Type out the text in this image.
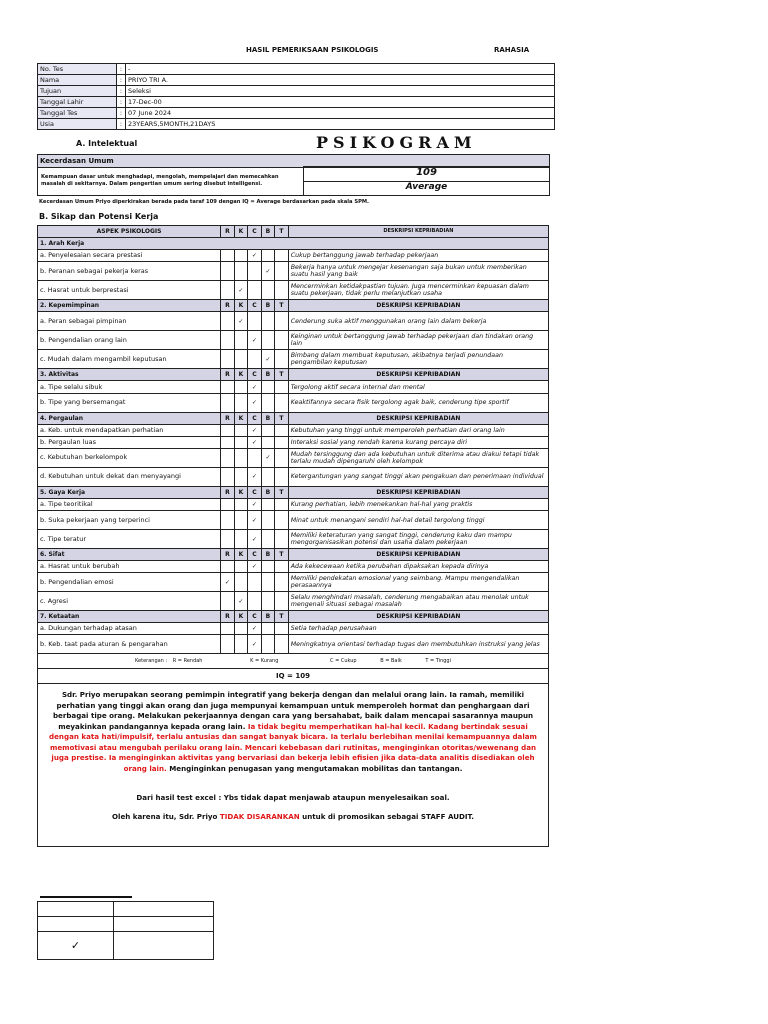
HASIL PEMERIKSAAN PSIKOLOGIS	RAHASIA
No. Tes	:	-
Nama	:	PRIYO TRI A.
Tujuan	:	Seleksi
Tanggal Lahir	:	17-Dec-00
Tanggal Tes	:	07 June 2024
Usia	:	23YEARS,5MONTH,21DAYS
A. Intelektual	PSIKOGRAM
Kecerdasan Umum
Kemampuan dasar untuk menghadapi, mengolah, mempelajari dan memecahkan masalah di sekitarnya. Dalam pengertian umum sering disebut intelligensi.
109
Average
Kecerdasan Umum Priyo diperkirakan berada pada taraf 109 dengan IQ = Average berdasarkan pada skala SPM.
B. Sikap dan Potensi Kerja
ASPEK PSIKOLOGIS	R	K	C	B	T	DESKRIPSI KEPRIBADIAN
1. Arah Kerja						
a. Penyelesaian secara prestasi			✓			Cukup bertanggung jawab terhadap pekerjaan
b. Peranan sebagai pekerja keras				✓		Bekerja hanya untuk mengejar kesenangan saja bukan untuk memberikan suatu hasil yang baik
c. Hasrat untuk berprestasi		✓				Mencerminkan ketidakpastian tujuan. Juga mencerminkan kepuasan dalam suatu pekerjaan, tidak perlu melanjutkan usaha
2. Kepemimpinan	R	K	C	B	T	DESKRIPSI KEPRIBADIAN
a. Peran sebagai pimpinan		✓				Cenderung suka aktif menggunakan orang lain dalam bekerja
b. Pengendalian orang lain			✓			Keinginan untuk bertanggung jawab terhadap pekerjaan dan tindakan orang lain
c. Mudah dalam mengambil keputusan				✓		Bimbang dalam membuat keputusan, akibatnya terjadi penundaan pengambilan keputusan
3. Aktivitas	R	K	C	B	T	DESKRIPSI KEPRIBADIAN
a. Tipe selalu sibuk			✓			Tergolong aktif secara internal dan mental
b. Tipe yang bersemangat			✓			Keaktifannya secara fisik tergolong agak baik, cenderung tipe sportif
4. Pergaulan	R	K	C	B	T	DESKRIPSI KEPRIBADIAN
a. Keb. untuk mendapatkan perhatian			✓			Kebutuhan yang tinggi untuk memperoleh perhatian dari orang lain
b. Pergaulan luas			✓			Interaksi sosial yang rendah karena kurang percaya diri
c. Kebutuhan berkelompok				✓		Mudah tersinggung dan ada kebutuhan untuk diterima atau diakui tetapi tidak terlalu mudah dipengaruhi oleh kelompok
d. Kebutuhan untuk dekat dan menyayangi			✓			Ketergantungan yang sangat tinggi akan pengakuan dan penerimaan individual
5. Gaya Kerja	R	K	C	B	T	DESKRIPSI KEPRIBADIAN
a. Tipe teoritikal			✓			Kurang perhatian, lebih menekankan hal-hal yang praktis
b. Suka pekerjaan yang terperinci			✓			Minat untuk menangani sendiri hal-hal detail tergolong tinggi
c. Tipe teratur			✓			Memiliki keteraturan yang sangat tinggi, cenderung kaku dan mampu mengorganisasikan potensi dan usaha dalam pekerjaan
6. Sifat	R	K	C	B	T	DESKRIPSI KEPRIBADIAN
a. Hasrat untuk berubah			✓			Ada kekecewaan ketika perubahan dipaksakan kepada dirinya
b. Pengendalian emosi	✓					Memiliki pendekatan emosional yang seimbang. Mampu mengendalikan perasaannya
c. Agresi		✓				Selalu menghindari masalah, cenderung mengabaikan atau menolak untuk mengenali situasi sebagai masalah
7. Ketaatan	R	K	C	B	T	DESKRIPSI KEPRIBADIAN
a. Dukungan terhadap atasan			✓			Setia terhadap perusahaan
b. Keb. taat pada aturan & pengarahan			✓			Meningkatnya orientasi terhadap tugas dan membutuhkan instruksi yang jelas
Keterangan : R = Rendah K = Kurang C = Cukup B = Baik T = Tinggi						
IQ = 109						

Sdr. Priyo merupakan seorang pemimpin integratif yang bekerja dengan dan melalui orang lain. Ia ramah, memiliki perhatian yang tinggi akan orang dan juga mempunyai kemampuan untuk memperoleh hormat dan penghargaan dari berbagai tipe orang. Melakukan pekerjaannya dengan cara yang bersahabat, baik dalam mencapai sasarannya maupun meyakinkan pandangannya kepada orang lain. Ia tidak begitu memperhatikan hal-hal kecil. Kadang bertindak sesuai dengan kata hati/impulsif, terlalu antusias dan sangat banyak bicara. Ia terlalu berlebihan menilai kemampuannya dalam memotivasi atau mengubah perilaku orang lain. Mencari kebebasan dari rutinitas, menginginkan otoritas/wewenang dan juga prestise. Ia menginginkan aktivitas yang bervariasi dan bekerja lebih efisien jika data-data analitis disediakan oleh orang lain. Menginginkan penugasan yang mengutamakan mobilitas dan tantangan.
Dari hasil test excel : Ybs tidak dapat menjawab ataupun menyelesaikan soal.
Oleh karena itu, Sdr. Priyo TIDAK DISARANKAN untuk di promosikan sebagai STAFF AUDIT.						

✓	
